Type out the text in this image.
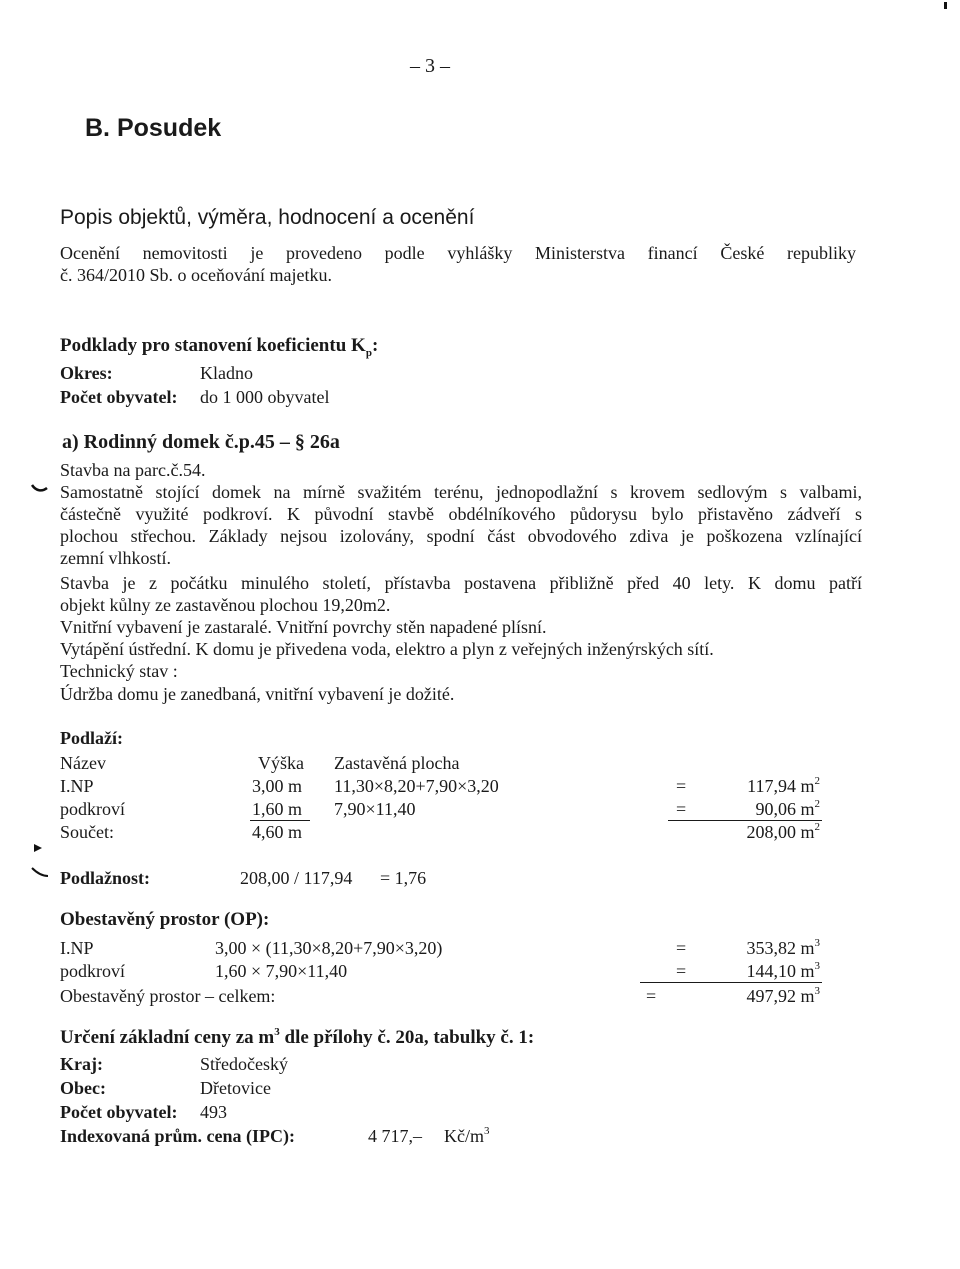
– 3 –
B. Posudek
Popis objektů, výměra, hodnocení a ocenění
Ocenění nemovitosti je provedeno podle vyhlášky Ministerstva financí České republiky
č. 364/2010 Sb. o oceňování majetku.
Podklady pro stanovení koeficientu $K_p$:
Okres:	Kladno
Počet obyvatel: do 1 000 obyvatel
a) Rodinný domek č.p.45 – § 26a
Stavba na parc.č.54.
Samostatně stojící domek na mírně svažitém terénu, jednopodlažní s krovem sedlovým s valbami,
částečně využité podkroví. K původní stavbě obdélníkového půdorysu bylo přistavěno zádveří s
plochou střechou. Základy nejsou izolovány, spodní část obvodového zdiva je poškozena vzlínající
zemní vlhkostí.
Stavba je z počátku minulého století, přístavba postavena přibližně před 40 lety. K domu patří
objekt kůlny ze zastavěnou plochou 19,20m2.
Vnitřní vybavení je zastaralé. Vnitřní povrchy stěn napadené plísní.
Vytápění ústřední. K domu je přivedena voda, elektro a plyn z veřejných inženýrských sítí.
Technický stav :
Údržba domu je zanedbaná, vnitřní vybavení je dožité.
Podlaží:
Název	Výška Zastavěná plocha
I.NP	3,00 m 11,30×8,20+7,90×3,20	=	117,94 $m^2$
podkroví	1,60 m 7,90×11,40	=	90,06 $m^2$
Součet:	4,60 m	208,00 $m^2$
Podlažnost:	208,00 / 117,94 = 1,76
Obestavěný prostor (OP):
I.NP	3,00 × (11,30×8,20+7,90×3,20)	=	353,82 $m^3$
podkroví	1,60 × 7,90×11,40	=	144,10 $m^3$
Obestavěný prostor – celkem:	=	497,92 $m^3$
Určení základní ceny za $m^3$ dle přílohy č. 20a, tabulky č. 1:
Kraj:	Středočeský
Obec:	Dřetovice
Počet obyvatel: 493
Indexovaná prům. cena (IPC):	4 717,– $Kč/m^3$
